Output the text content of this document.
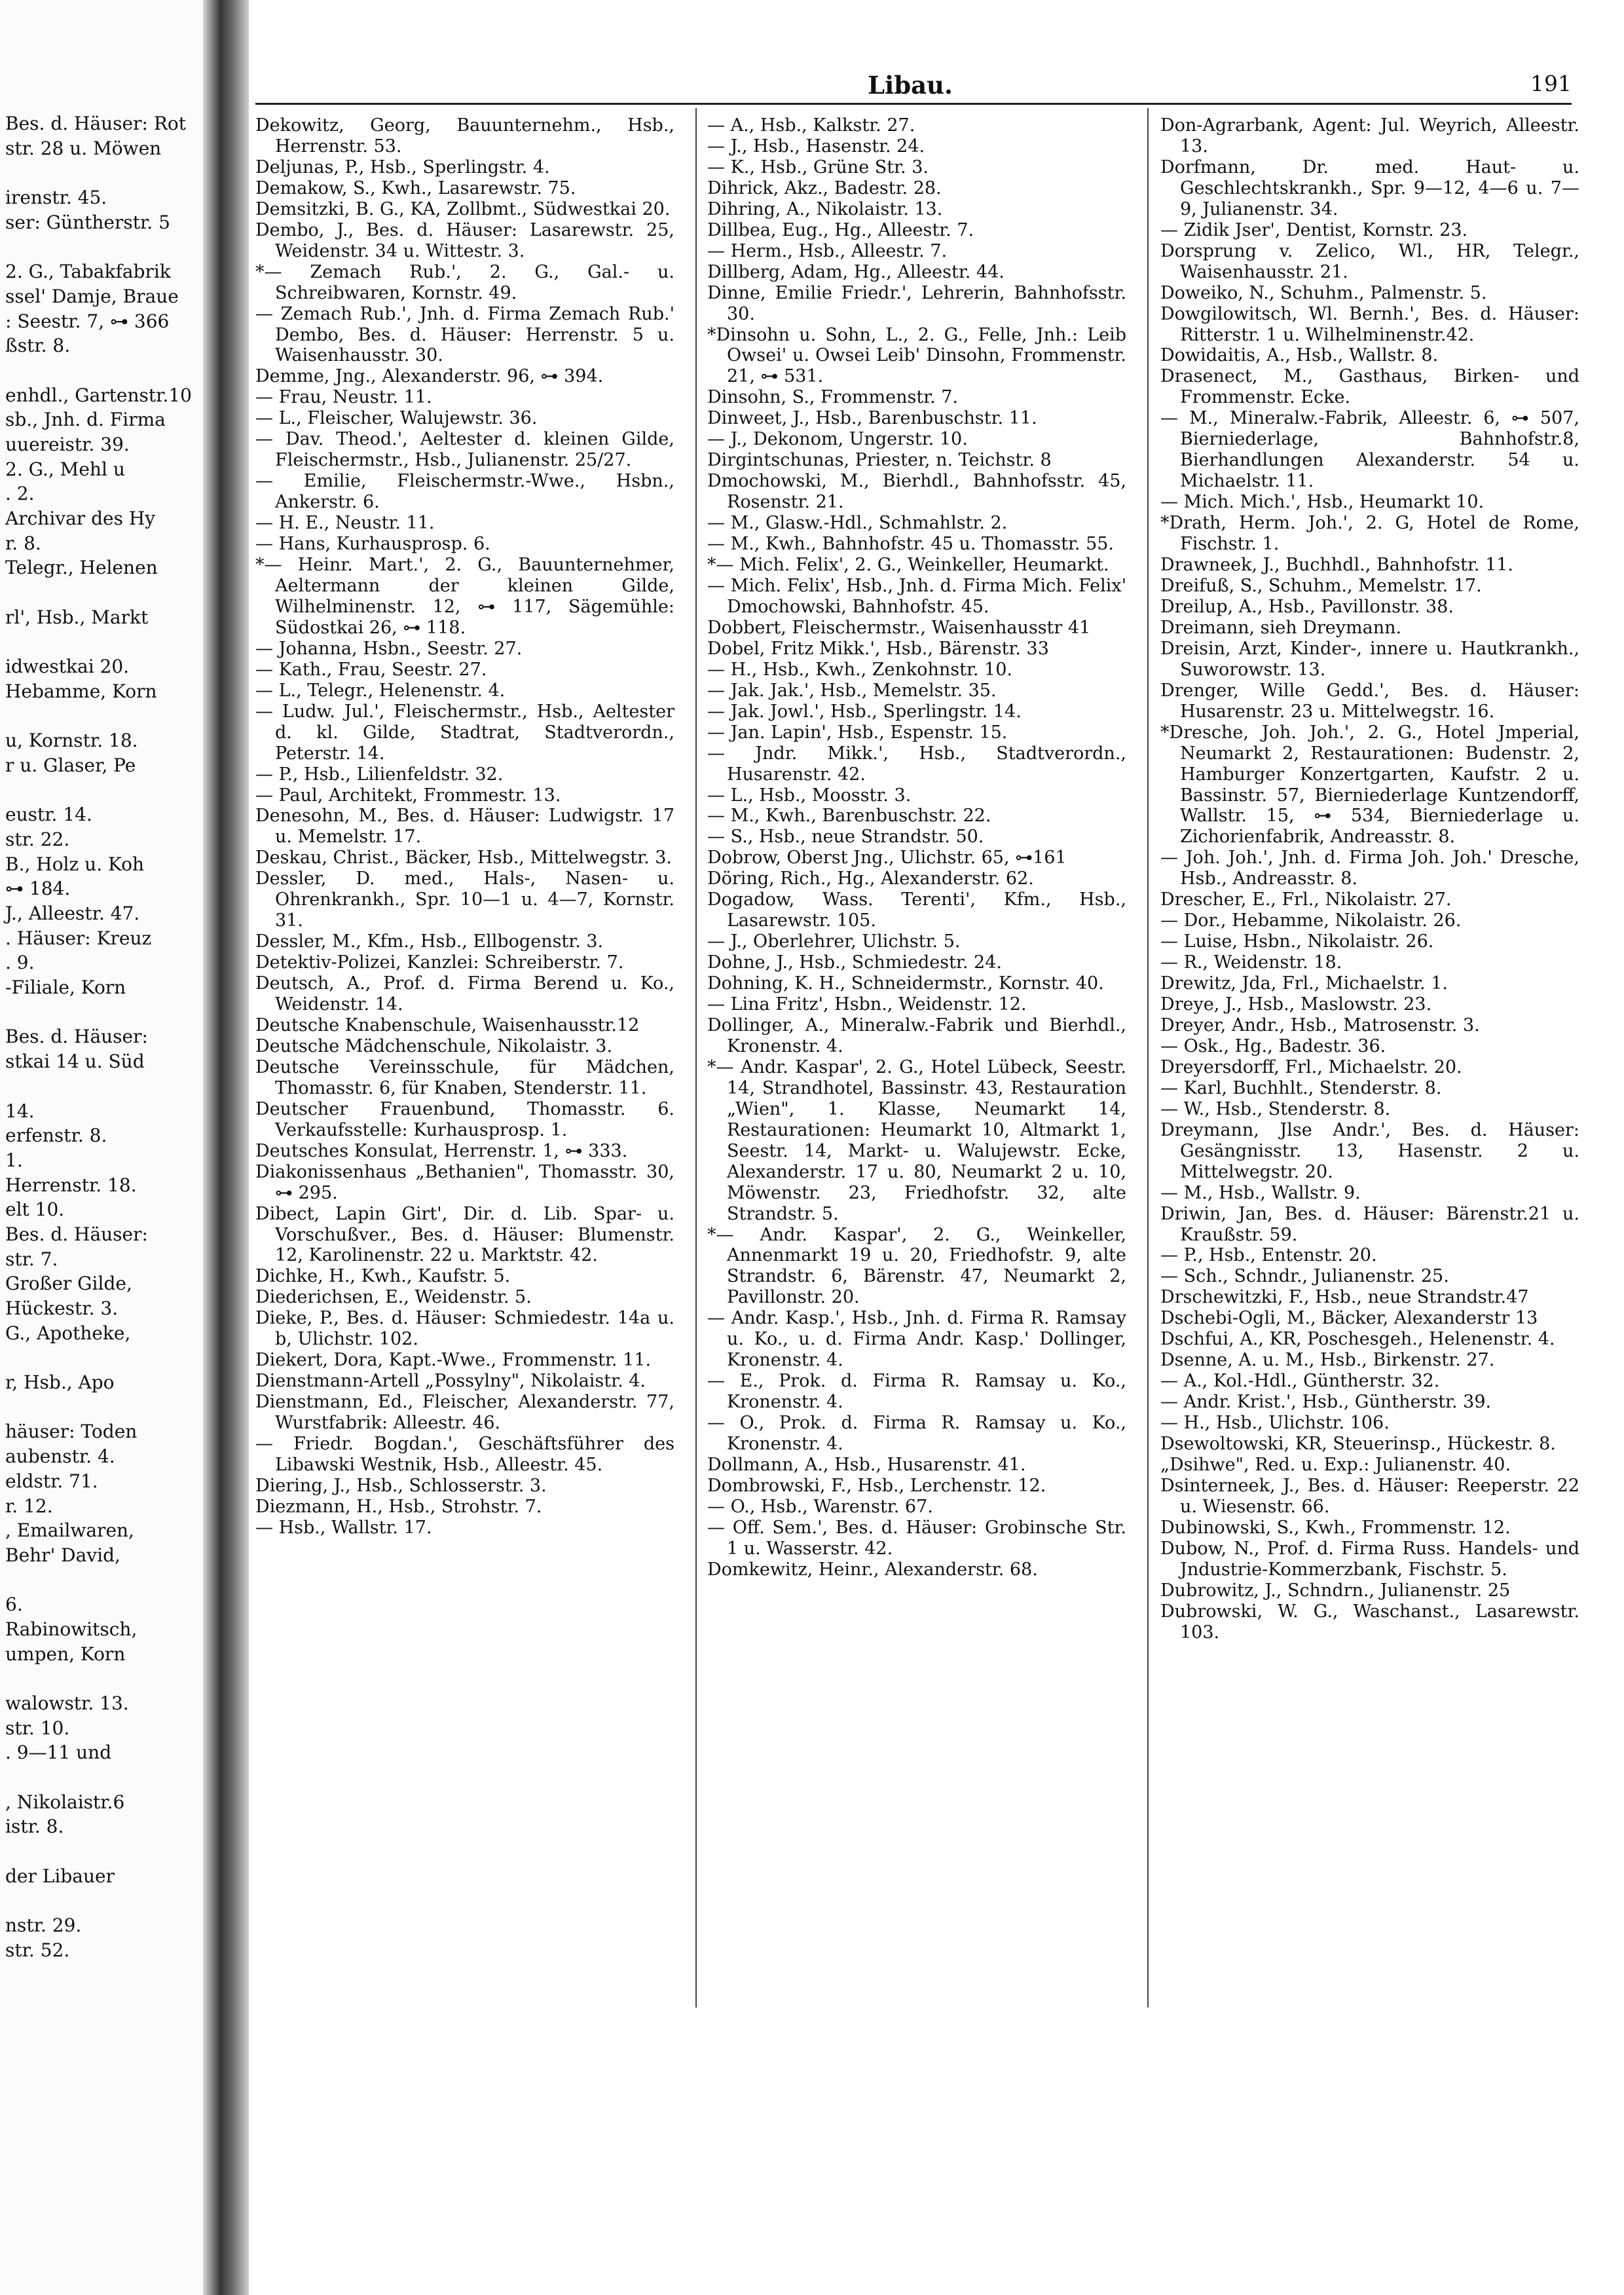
Bes. d. Häuser: Rot
str. 28 u. Möwen
irenstr. 45.
ser: Güntherstr. 5
2. G., Tabakfabrik
ssel' Damje, Braue
: Seestr. 7, ⊶ 366
ßstr. 8.
enhdl., Gartenstr.10
sb., Jnh. d. Firma
uuereistr. 39.
2. G., Mehl u
. 2.
Archivar des Hy
r. 8.
Telegr., Helenen
rl', Hsb., Markt
idwestkai 20.
Hebamme, Korn
u, Kornstr. 18.
r u. Glaser, Pe
eustr. 14.
str. 22.
B., Holz u. Koh
⊶ 184.
J., Alleestr. 47.
. Häuser: Kreuz
. 9.
-Filiale, Korn
Bes. d. Häuser:
stkai 14 u. Süd
14.
erfenstr. 8.
1.
Herrenstr. 18.
elt 10.
Bes. d. Häuser:
str. 7.
Großer Gilde,
Hückestr. 3.
G., Apotheke,
r, Hsb., Apo
häuser: Toden
aubenstr. 4.
eldstr. 71.
r. 12.
, Emailwaren,
Behr' David,
6.
Rabinowitsch,
umpen, Korn
walowstr. 13.
str. 10.
. 9—11 und
, Nikolaistr.6
istr. 8.
der Libauer
nstr. 29.
str. 52.
Libau.	191

Dekowitz, Georg, Bauunternehm., Hsb., Herrenstr. 53.

Deljunas, P., Hsb., Sperlingstr. 4.

Demakow, S., Kwh., Lasarewstr. 75.

Demsitzki, B. G., KA, Zollbmt., Südwestkai 20.

Dembo, J., Bes. d. Häuser: Lasarewstr. 25, Weidenstr. 34 u. Wittestr. 3.

*— Zemach Rub.', 2. G., Gal.- u. Schreibwaren, Kornstr. 49.

— Zemach Rub.', Jnh. d. Firma Zemach Rub.' Dembo, Bes. d. Häuser: Herrenstr. 5 u. Waisenhausstr. 30.

Demme, Jng., Alexanderstr. 96, ⊶ 394.

— Frau, Neustr. 11.

— L., Fleischer, Walujewstr. 36.

— Dav. Theod.', Aeltester d. kleinen Gilde, Fleischermstr., Hsb., Julianenstr. 25/27.

— Emilie, Fleischermstr.-Wwe., Hsbn., Ankerstr. 6.

— H. E., Neustr. 11.

— Hans, Kurhausprosp. 6.

*— Heinr. Mart.', 2. G., Bauunternehmer, Aeltermann der kleinen Gilde, Wilhelminenstr. 12, ⊶ 117, Sägemühle: Südostkai 26, ⊶ 118.

— Johanna, Hsbn., Seestr. 27.

— Kath., Frau, Seestr. 27.

— L., Telegr., Helenenstr. 4.

— Ludw. Jul.', Fleischermstr., Hsb., Aeltester d. kl. Gilde, Stadtrat, Stadtverordn., Peterstr. 14.

— P., Hsb., Lilienfeldstr. 32.

— Paul, Architekt, Frommestr. 13.

Denesohn, M., Bes. d. Häuser: Ludwigstr. 17 u. Memelstr. 17.

Deskau, Christ., Bäcker, Hsb., Mittelwegstr. 3.

Dessler, D. med., Hals-, Nasen- u. Ohrenkrankh., Spr. 10—1 u. 4—7, Kornstr. 31.

Dessler, M., Kfm., Hsb., Ellbogenstr. 3.

Detektiv-Polizei, Kanzlei: Schreiberstr. 7.

Deutsch, A., Prof. d. Firma Berend u. Ko., Weidenstr. 14.

Deutsche Knabenschule, Waisenhausstr.12

Deutsche Mädchenschule, Nikolaistr. 3.

Deutsche Vereinsschule, für Mädchen, Thomasstr. 6, für Knaben, Stenderstr. 11.

Deutscher Frauenbund, Thomasstr. 6. Verkaufsstelle: Kurhausprosp. 1.

Deutsches Konsulat, Herrenstr. 1, ⊶ 333.

Diakonissenhaus „Bethanien", Thomasstr. 30, ⊶ 295.

Dibect, Lapin Girt', Dir. d. Lib. Spar- u. Vorschußver., Bes. d. Häuser: Blumenstr. 12, Karolinenstr. 22 u. Marktstr. 42.

Dichke, H., Kwh., Kaufstr. 5.

Diederichsen, E., Weidenstr. 5.

Dieke, P., Bes. d. Häuser: Schmiedestr. 14a u. b, Ulichstr. 102.

Diekert, Dora, Kapt.-Wwe., Frommenstr. 11.

Dienstmann-Artell „Possylny", Nikolaistr. 4.

Dienstmann, Ed., Fleischer, Alexanderstr. 77, Wurstfabrik: Alleestr. 46.

— Friedr. Bogdan.', Geschäftsführer des Libawski Westnik, Hsb., Alleestr. 45.

Diering, J., Hsb., Schlosserstr. 3.

Diezmann, H., Hsb., Strohstr. 7.

— Hsb., Wallstr. 17.

— A., Hsb., Kalkstr. 27.

— J., Hsb., Hasenstr. 24.

— K., Hsb., Grüne Str. 3.

Dihrick, Akz., Badestr. 28.

Dihring, A., Nikolaistr. 13.

Dillbea, Eug., Hg., Alleestr. 7.

— Herm., Hsb., Alleestr. 7.

Dillberg, Adam, Hg., Alleestr. 44.

Dinne, Emilie Friedr.', Lehrerin, Bahnhofsstr. 30.

*Dinsohn u. Sohn, L., 2. G., Felle, Jnh.: Leib Owsei' u. Owsei Leib' Dinsohn, Frommenstr. 21, ⊶ 531.

Dinsohn, S., Frommenstr. 7.

Dinweet, J., Hsb., Barenbuschstr. 11.

— J., Dekonom, Ungerstr. 10.

Dirgintschunas, Priester, n. Teichstr. 8

Dmochowski, M., Bierhdl., Bahnhofsstr. 45, Rosenstr. 21.

— M., Glasw.-Hdl., Schmahlstr. 2.

— M., Kwh., Bahnhofstr. 45 u. Thomasstr. 55.

*— Mich. Felix', 2. G., Weinkeller, Heumarkt.

— Mich. Felix', Hsb., Jnh. d. Firma Mich. Felix' Dmochowski, Bahnhofstr. 45.

Dobbert, Fleischermstr., Waisenhausstr 41

Dobel, Fritz Mikk.', Hsb., Bärenstr. 33

— H., Hsb., Kwh., Zenkohnstr. 10.

— Jak. Jak.', Hsb., Memelstr. 35.

— Jak. Jowl.', Hsb., Sperlingstr. 14.

— Jan. Lapin', Hsb., Espenstr. 15.

— Jndr. Mikk.', Hsb., Stadtverordn., Husarenstr. 42.

— L., Hsb., Moosstr. 3.

— M., Kwh., Barenbuschstr. 22.

— S., Hsb., neue Strandstr. 50.

Dobrow, Oberst Jng., Ulichstr. 65, ⊶161

Döring, Rich., Hg., Alexanderstr. 62.

Dogadow, Wass. Terenti', Kfm., Hsb., Lasarewstr. 105.

— J., Oberlehrer, Ulichstr. 5.

Dohne, J., Hsb., Schmiedestr. 24.

Dohning, K. H., Schneidermstr., Kornstr. 40.

— Lina Fritz', Hsbn., Weidenstr. 12.

Dollinger, A., Mineralw.-Fabrik und Bierhdl., Kronenstr. 4.

*— Andr. Kaspar', 2. G., Hotel Lübeck, Seestr. 14, Strandhotel, Bassinstr. 43, Restauration „Wien", 1. Klasse, Neumarkt 14, Restaurationen: Heumarkt 10, Altmarkt 1, Seestr. 14, Markt- u. Walujewstr. Ecke, Alexanderstr. 17 u. 80, Neumarkt 2 u. 10, Möwenstr. 23, Friedhofstr. 32, alte Strandstr. 5.

*— Andr. Kaspar', 2. G., Weinkeller, Annenmarkt 19 u. 20, Friedhofstr. 9, alte Strandstr. 6, Bärenstr. 47, Neumarkt 2, Pavillonstr. 20.

— Andr. Kasp.', Hsb., Jnh. d. Firma R. Ramsay u. Ko., u. d. Firma Andr. Kasp.' Dollinger, Kronenstr. 4.

— E., Prok. d. Firma R. Ramsay u. Ko., Kronenstr. 4.

— O., Prok. d. Firma R. Ramsay u. Ko., Kronenstr. 4.

Dollmann, A., Hsb., Husarenstr. 41.

Dombrowski, F., Hsb., Lerchenstr. 12.

— O., Hsb., Warenstr. 67.

— Off. Sem.', Bes. d. Häuser: Grobinsche Str. 1 u. Wasserstr. 42.

Domkewitz, Heinr., Alexanderstr. 68.

Don-Agrarbank, Agent: Jul. Weyrich, Alleestr. 13.

Dorfmann, Dr. med. Haut- u. Geschlechtskrankh., Spr. 9—12, 4—6 u. 7—9, Julianenstr. 34.

— Zidik Jser', Dentist, Kornstr. 23.

Dorsprung v. Zelico, Wl., HR, Telegr., Waisenhausstr. 21.

Doweiko, N., Schuhm., Palmenstr. 5.

Dowgilowitsch, Wl. Bernh.', Bes. d. Häuser: Ritterstr. 1 u. Wilhelminenstr.42.

Dowidaitis, A., Hsb., Wallstr. 8.

Drasenect, M., Gasthaus, Birken- und Frommenstr. Ecke.

— M., Mineralw.-Fabrik, Alleestr. 6, ⊶ 507, Bierniederlage, Bahnhofstr.8, Bierhandlungen Alexanderstr. 54 u. Michaelstr. 11.

— Mich. Mich.', Hsb., Heumarkt 10.

*Drath, Herm. Joh.', 2. G, Hotel de Rome, Fischstr. 1.

Drawneek, J., Buchhdl., Bahnhofstr. 11.

Dreifuß, S., Schuhm., Memelstr. 17.

Dreilup, A., Hsb., Pavillonstr. 38.

Dreimann, sieh Dreymann.

Dreisin, Arzt, Kinder-, innere u. Hautkrankh., Suworowstr. 13.

Drenger, Wille Gedd.', Bes. d. Häuser: Husarenstr. 23 u. Mittelwegstr. 16.

*Dresche, Joh. Joh.', 2. G., Hotel Jmperial, Neumarkt 2, Restaurationen: Budenstr. 2, Hamburger Konzertgarten, Kaufstr. 2 u. Bassinstr. 57, Bierniederlage Kuntzendorff, Wallstr. 15, ⊶ 534, Bierniederlage u. Zichorienfabrik, Andreasstr. 8.

— Joh. Joh.', Jnh. d. Firma Joh. Joh.' Dresche, Hsb., Andreasstr. 8.

Drescher, E., Frl., Nikolaistr. 27.

— Dor., Hebamme, Nikolaistr. 26.

— Luise, Hsbn., Nikolaistr. 26.

— R., Weidenstr. 18.

Drewitz, Jda, Frl., Michaelstr. 1.

Dreye, J., Hsb., Maslowstr. 23.

Dreyer, Andr., Hsb., Matrosenstr. 3.

— Osk., Hg., Badestr. 36.

Dreyersdorff, Frl., Michaelstr. 20.

— Karl, Buchhlt., Stenderstr. 8.

— W., Hsb., Stenderstr. 8.

Dreymann, Jlse Andr.', Bes. d. Häuser: Gesängnisstr. 13, Hasenstr. 2 u. Mittelwegstr. 20.

— M., Hsb., Wallstr. 9.

Driwin, Jan, Bes. d. Häuser: Bärenstr.21 u. Kraußstr. 59.

— P., Hsb., Entenstr. 20.

— Sch., Schndr., Julianenstr. 25.

Drschewitzki, F., Hsb., neue Strandstr.47

Dschebi-Ogli, M., Bäcker, Alexanderstr 13

Dschfui, A., KR, Poschesgeh., Helenenstr. 4.

Dsenne, A. u. M., Hsb., Birkenstr. 27.

— A., Kol.-Hdl., Güntherstr. 32.

— Andr. Krist.', Hsb., Güntherstr. 39.

— H., Hsb., Ulichstr. 106.

Dsewoltowski, KR, Steuerinsp., Hückestr. 8.

„Dsihwe", Red. u. Exp.: Julianenstr. 40.

Dsinterneek, J., Bes. d. Häuser: Reeperstr. 22 u. Wiesenstr. 66.

Dubinowski, S., Kwh., Frommenstr. 12.

Dubow, N., Prof. d. Firma Russ. Handels- und Jndustrie-Kommerzbank, Fischstr. 5.

Dubrowitz, J., Schndrn., Julianenstr. 25

Dubrowski, W. G., Waschanst., Lasarewstr. 103.
